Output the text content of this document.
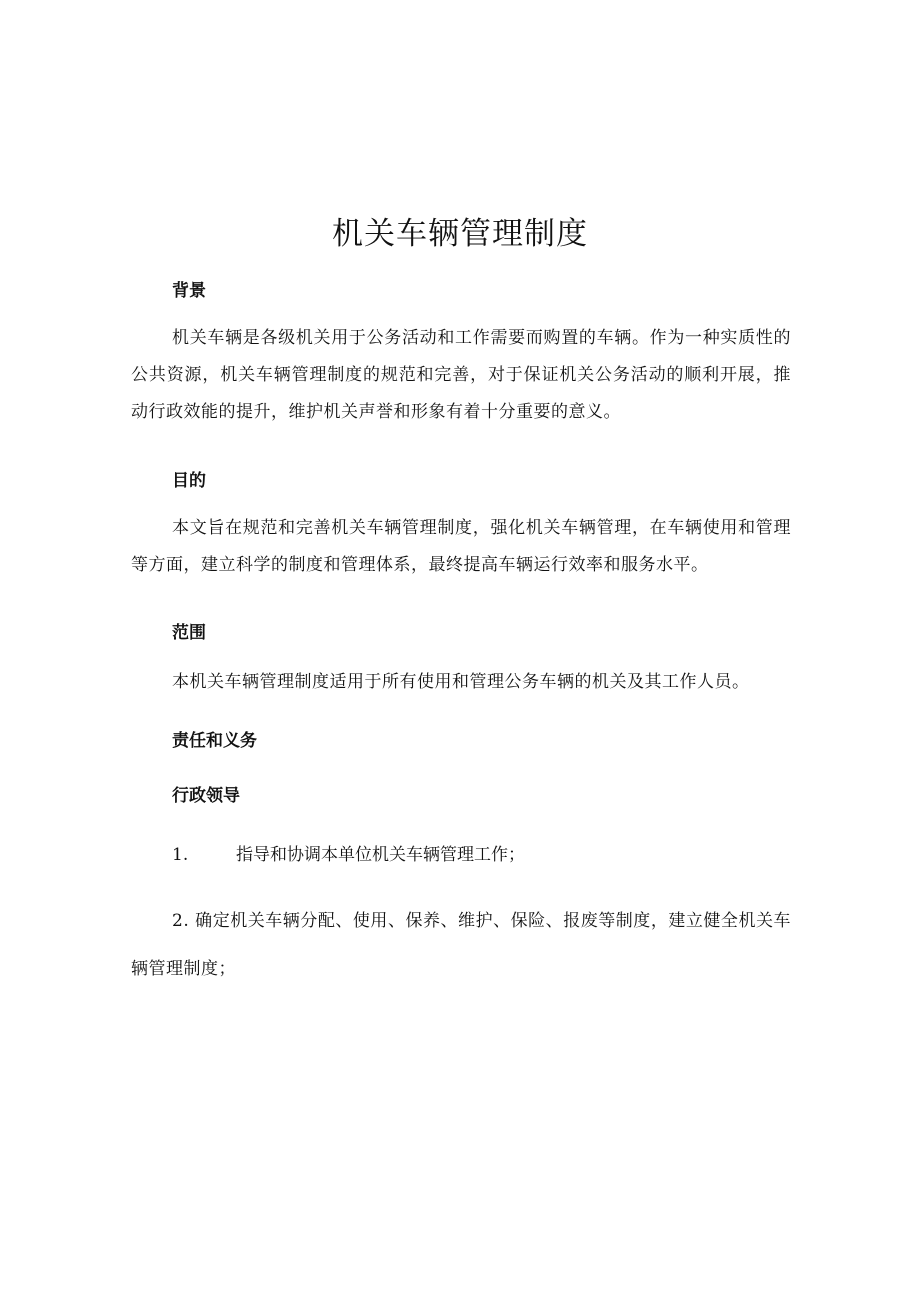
机关车辆管理制度
背景

机关车辆是各级机关用于公务活动和工作需要而购置的车辆。作为一种实质性的公共资源，机关车辆管理制度的规范和完善，对于保证机关公务活动的顺利开展，推动行政效能的提升，维护机关声誉和形象有着十分重要的意义。

目的

本文旨在规范和完善机关车辆管理制度，强化机关车辆管理，在车辆使用和管理等方面，建立科学的制度和管理体系，最终提高车辆运行效率和服务水平。

范围

本机关车辆管理制度适用于所有使用和管理公务车辆的机关及其工作人员。

责任和义务
行政领导

1.	指导和协调本单位机关车辆管理工作；

2. 确定机关车辆分配、使用、保养、维护、保险、报废等制度，建立健全机关车辆管理制度；
